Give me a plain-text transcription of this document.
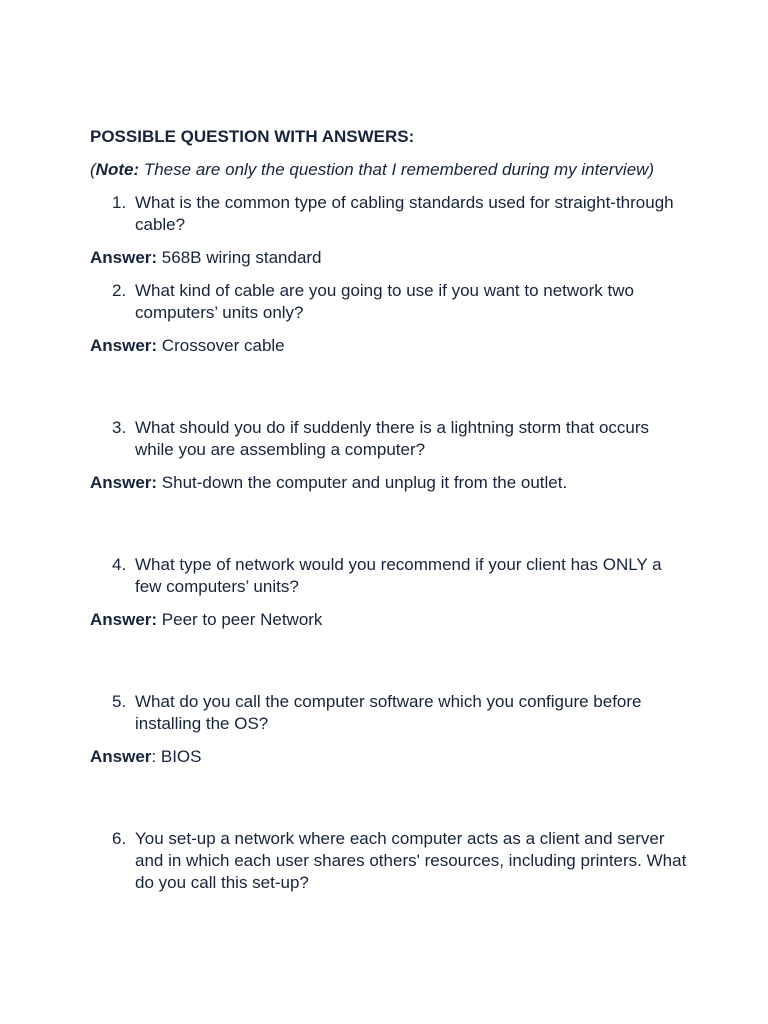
POSSIBLE QUESTION WITH ANSWERS:

(Note: These are only the question that I remembered during my interview)

1. What is the common type of cabling standards used for straight-through cable?

Answer: 568B wiring standard

2. What kind of cable are you going to use if you want to network two computers’ units only?

Answer: Crossover cable

3. What should you do if suddenly there is a lightning storm that occurs while you are assembling a computer?

Answer: Shut-down the computer and unplug it from the outlet.

4. What type of network would you recommend if your client has ONLY a few computers’ units?

Answer: Peer to peer Network

5. What do you call the computer software which you configure before installing the OS?

Answer: BIOS

6. You set-up a network where each computer acts as a client and server and in which each user shares others' resources, including printers. What do you call this set-up?
